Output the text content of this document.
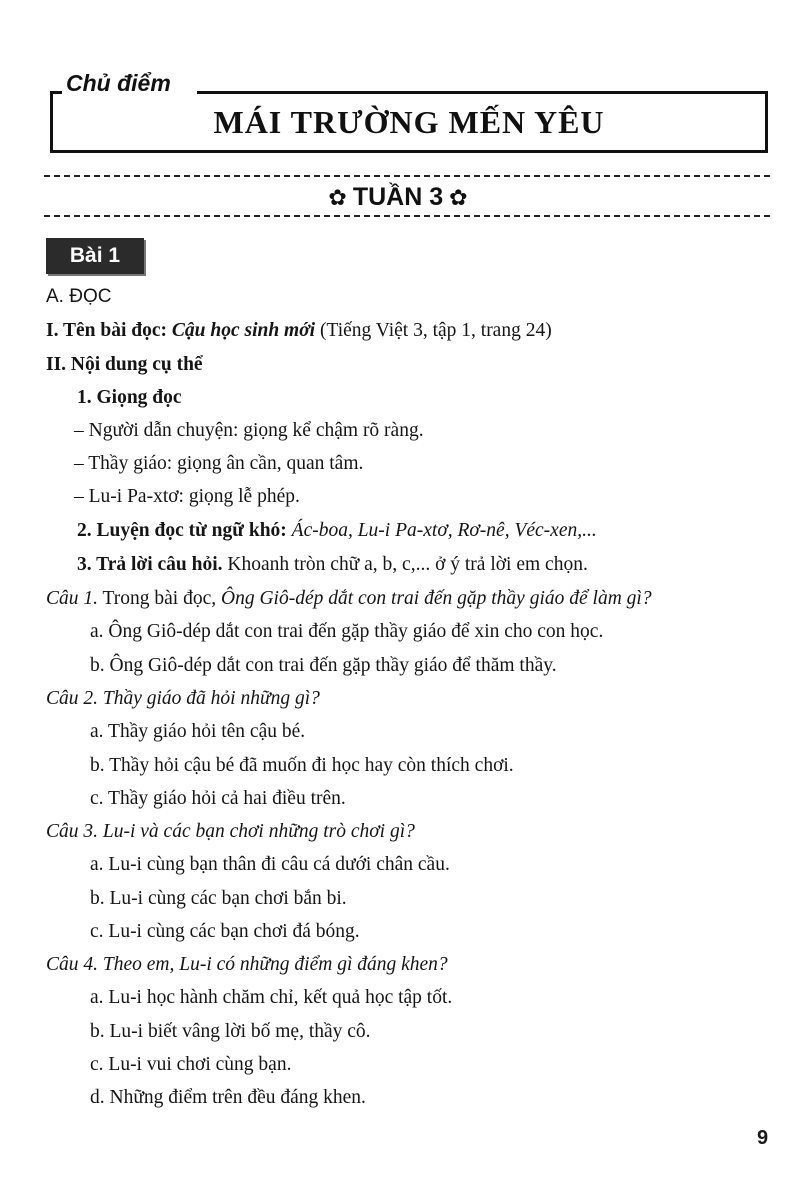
Chủ điểm
MÁI TRƯỜNG MẾN YÊU
✿ TUẦN 3 ✿
Bài 1
A. ĐỌC
I. Tên bài đọc: Cậu học sinh mới (Tiếng Việt 3, tập 1, trang 24)
II. Nội dung cụ thể
1. Giọng đọc
– Người dẫn chuyện: giọng kể chậm rõ ràng.
– Thầy giáo: giọng ân cần, quan tâm.
– Lu-i Pa-xtơ: giọng lễ phép.
2. Luyện đọc từ ngữ khó: Ác-boa, Lu-i Pa-xtơ, Rơ-nê, Véc-xen,...
3. Trả lời câu hỏi. Khoanh tròn chữ a, b, c,... ở ý trả lời em chọn.
Câu 1. Trong bài đọc, Ông Giô-dép dắt con trai đến gặp thầy giáo để làm gì?
a. Ông Giô-dép dắt con trai đến gặp thầy giáo để xin cho con học.
b. Ông Giô-dép dắt con trai đến gặp thầy giáo để thăm thầy.
Câu 2. Thầy giáo đã hỏi những gì?
a. Thầy giáo hỏi tên cậu bé.
b. Thầy hỏi cậu bé đã muốn đi học hay còn thích chơi.
c. Thầy giáo hỏi cả hai điều trên.
Câu 3. Lu-i và các bạn chơi những trò chơi gì?
a. Lu-i cùng bạn thân đi câu cá dưới chân cầu.
b. Lu-i cùng các bạn chơi bắn bi.
c. Lu-i cùng các bạn chơi đá bóng.
Câu 4. Theo em, Lu-i có những điểm gì đáng khen?
a. Lu-i học hành chăm chỉ, kết quả học tập tốt.
b. Lu-i biết vâng lời bố mẹ, thầy cô.
c. Lu-i vui chơi cùng bạn.
d. Những điểm trên đều đáng khen.
9
